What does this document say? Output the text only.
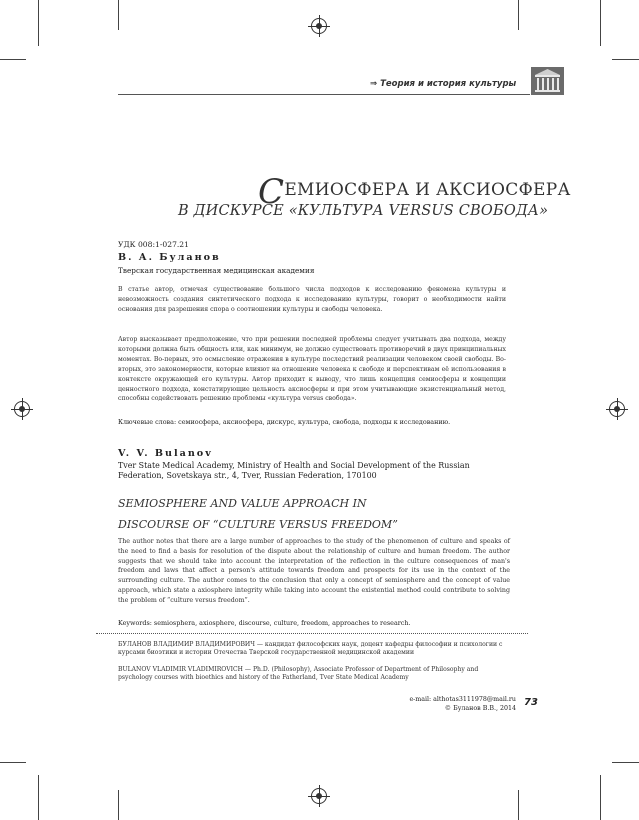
⇒ Теория и история культуры
СЕМИОСФЕРА И АКСИОСФЕРА
В ДИСКУРСЕ «КУЛЬТУРА VERSUS СВОБОДА»
УДК 008:1-027.21
В. А. Буланов
Тверская государственная медицинская академия
В статье автор, отмечая существование большого числа подходов к исследованию феномена культуры и невозможность создания синтетического подхода к исследованию культуры, говорит о необходимости найти основания для разрешения спора о соотношении культуры и свободы человека.
Автор высказывает предположение, что при решении последней проблемы следует учитывать два подхода, между которыми должна быть общность или, как минимум, не должно существовать противоречий в двух принципиальных моментах. Во-первых, это осмысление отражения в культуре последствий реализации человеком своей свободы. Во-вторых, это закономерности, которые влияют на отношение человека к свободе и перспективам её использования в контексте окружающей его культуры. Автор приходит к выводу, что лишь концепция семиосферы и концепции ценностного подхода, констатирующие цельность аксиосферы и при этом учитывающие экзистенциальный метод, способны содействовать решению проблемы «культура versus свобода».
Ключевые слова: семиосфера, аксиосфера, дискурс, культура, свобода, подходы к исследованию.
V. V. Bulanov
Tver State Medical Academy, Ministry of Health and Social Development of the Russian Federation, Sovetskaya str., 4, Tver, Russian Federation, 170100
SEMIOSPHERE AND VALUE APPROACH IN
DISCOURSE OF “CULTURE VERSUS FREEDOM”
The author notes that there are a large number of approaches to the study of the phenomenon of culture and speaks of the need to find a basis for resolution of the dispute about the relationship of culture and human freedom. The author suggests that we should take into account the interpretation of the reflection in the culture consequences of man's freedom and laws that affect a person's attitude towards freedom and prospects for its use in the context of the surrounding culture. The author comes to the conclusion that only a concept of semiosphere and the concept of value approach, which state a axiosphere integrity while taking into account the existential method could contribute to solving the problem of “culture versus freedom”.
Keywords: semiosphera, axiosphere, discourse, culture, freedom, approaches to research.
БУЛАНОВ ВЛАДИМИР ВЛАДИМИРОВИЧ — кандидат философских наук, доцент кафедры философии и психологии с курсами биоэтики и истории Отечества Тверской государственной медицинской академии
BULANOV VLADIMIR VLADIMIROVICH — Ph.D. (Philosophy), Associate Professor of Department of Philosophy and psychology courses with bioethics and history of the Fatherland, Tver State Medical Academy
e-mail: althotas3111978@mail.ru
© Буланов В.В., 2014
73
